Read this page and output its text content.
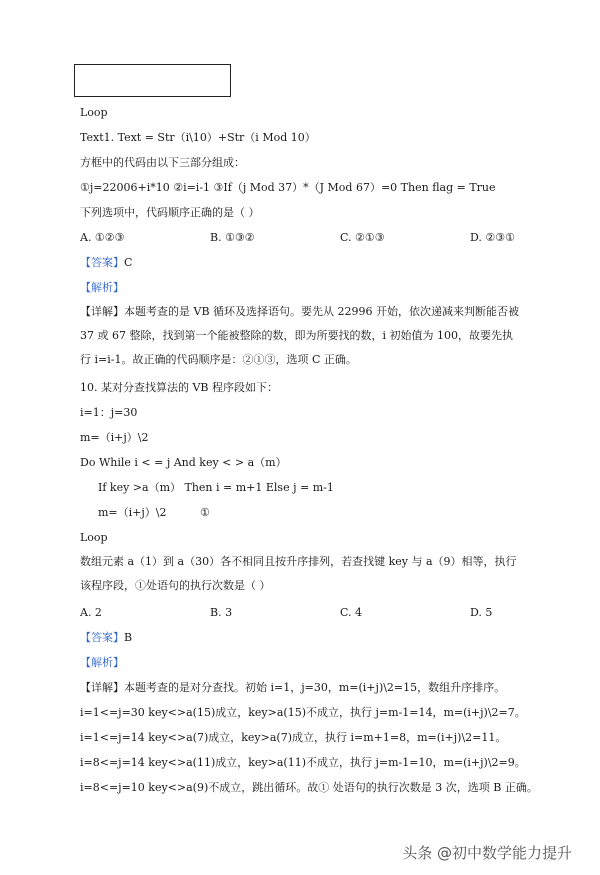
Loop
Text1. Text = Str（i\10）+Str（i Mod 10）
方框中的代码由以下三部分组成：
①j=22006+i*10 ②i=i-1 ③If（j Mod 37）*（J Mod 67）=0 Then flag = True
下列选项中，代码顺序正确的是（ ）
A. ①②③	B. ①③②	C. ②①③	D. ②③①
【答案】C
【解析】
【详解】本题考查的是 VB 循环及选择语句。要先从 22996 开始，依次递减来判断能否被 37 或 67 整除，找到第一个能被整除的数，即为所要找的数，i 初始值为 100，故要先执行 i=i-1。故正确的代码顺序是：②①③，选项 C 正确。
10. 某对分查找算法的 VB 程序段如下：
i=1：j=30
m=（i+j）\2
Do While i < = j And key < > a（m）
If key >a（m） Then i = m+1 Else j = m-1
m=（i+j）\2	①
Loop
数组元素 a（1）到 a（30）各不相同且按升序排列，若查找键 key 与 a（9）相等，执行该程序段，①处语句的执行次数是（ ）
A. 2	B. 3	C. 4	D. 5
【答案】B
【解析】
【详解】本题考查的是对分查找。初始 i=1，j=30，m=(i+j)\2=15，数组升序排序。
i=1<=j=30 key<>a(15)成立，key>a(15)不成立，执行 j=m-1=14，m=(i+j)\2=7。
i=1<=j=14 key<>a(7)成立，key>a(7)成立，执行 i=m+1=8，m=(i+j)\2=11。
i=8<=j=14 key<>a(11)成立，key>a(11)不成立，执行 j=m-1=10，m=(i+j)\2=9。
i=8<=j=10 key<>a(9)不成立，跳出循环。故① 处语句的执行次数是 3 次，选项 B 正确。
头条 @初中数学能力提升
